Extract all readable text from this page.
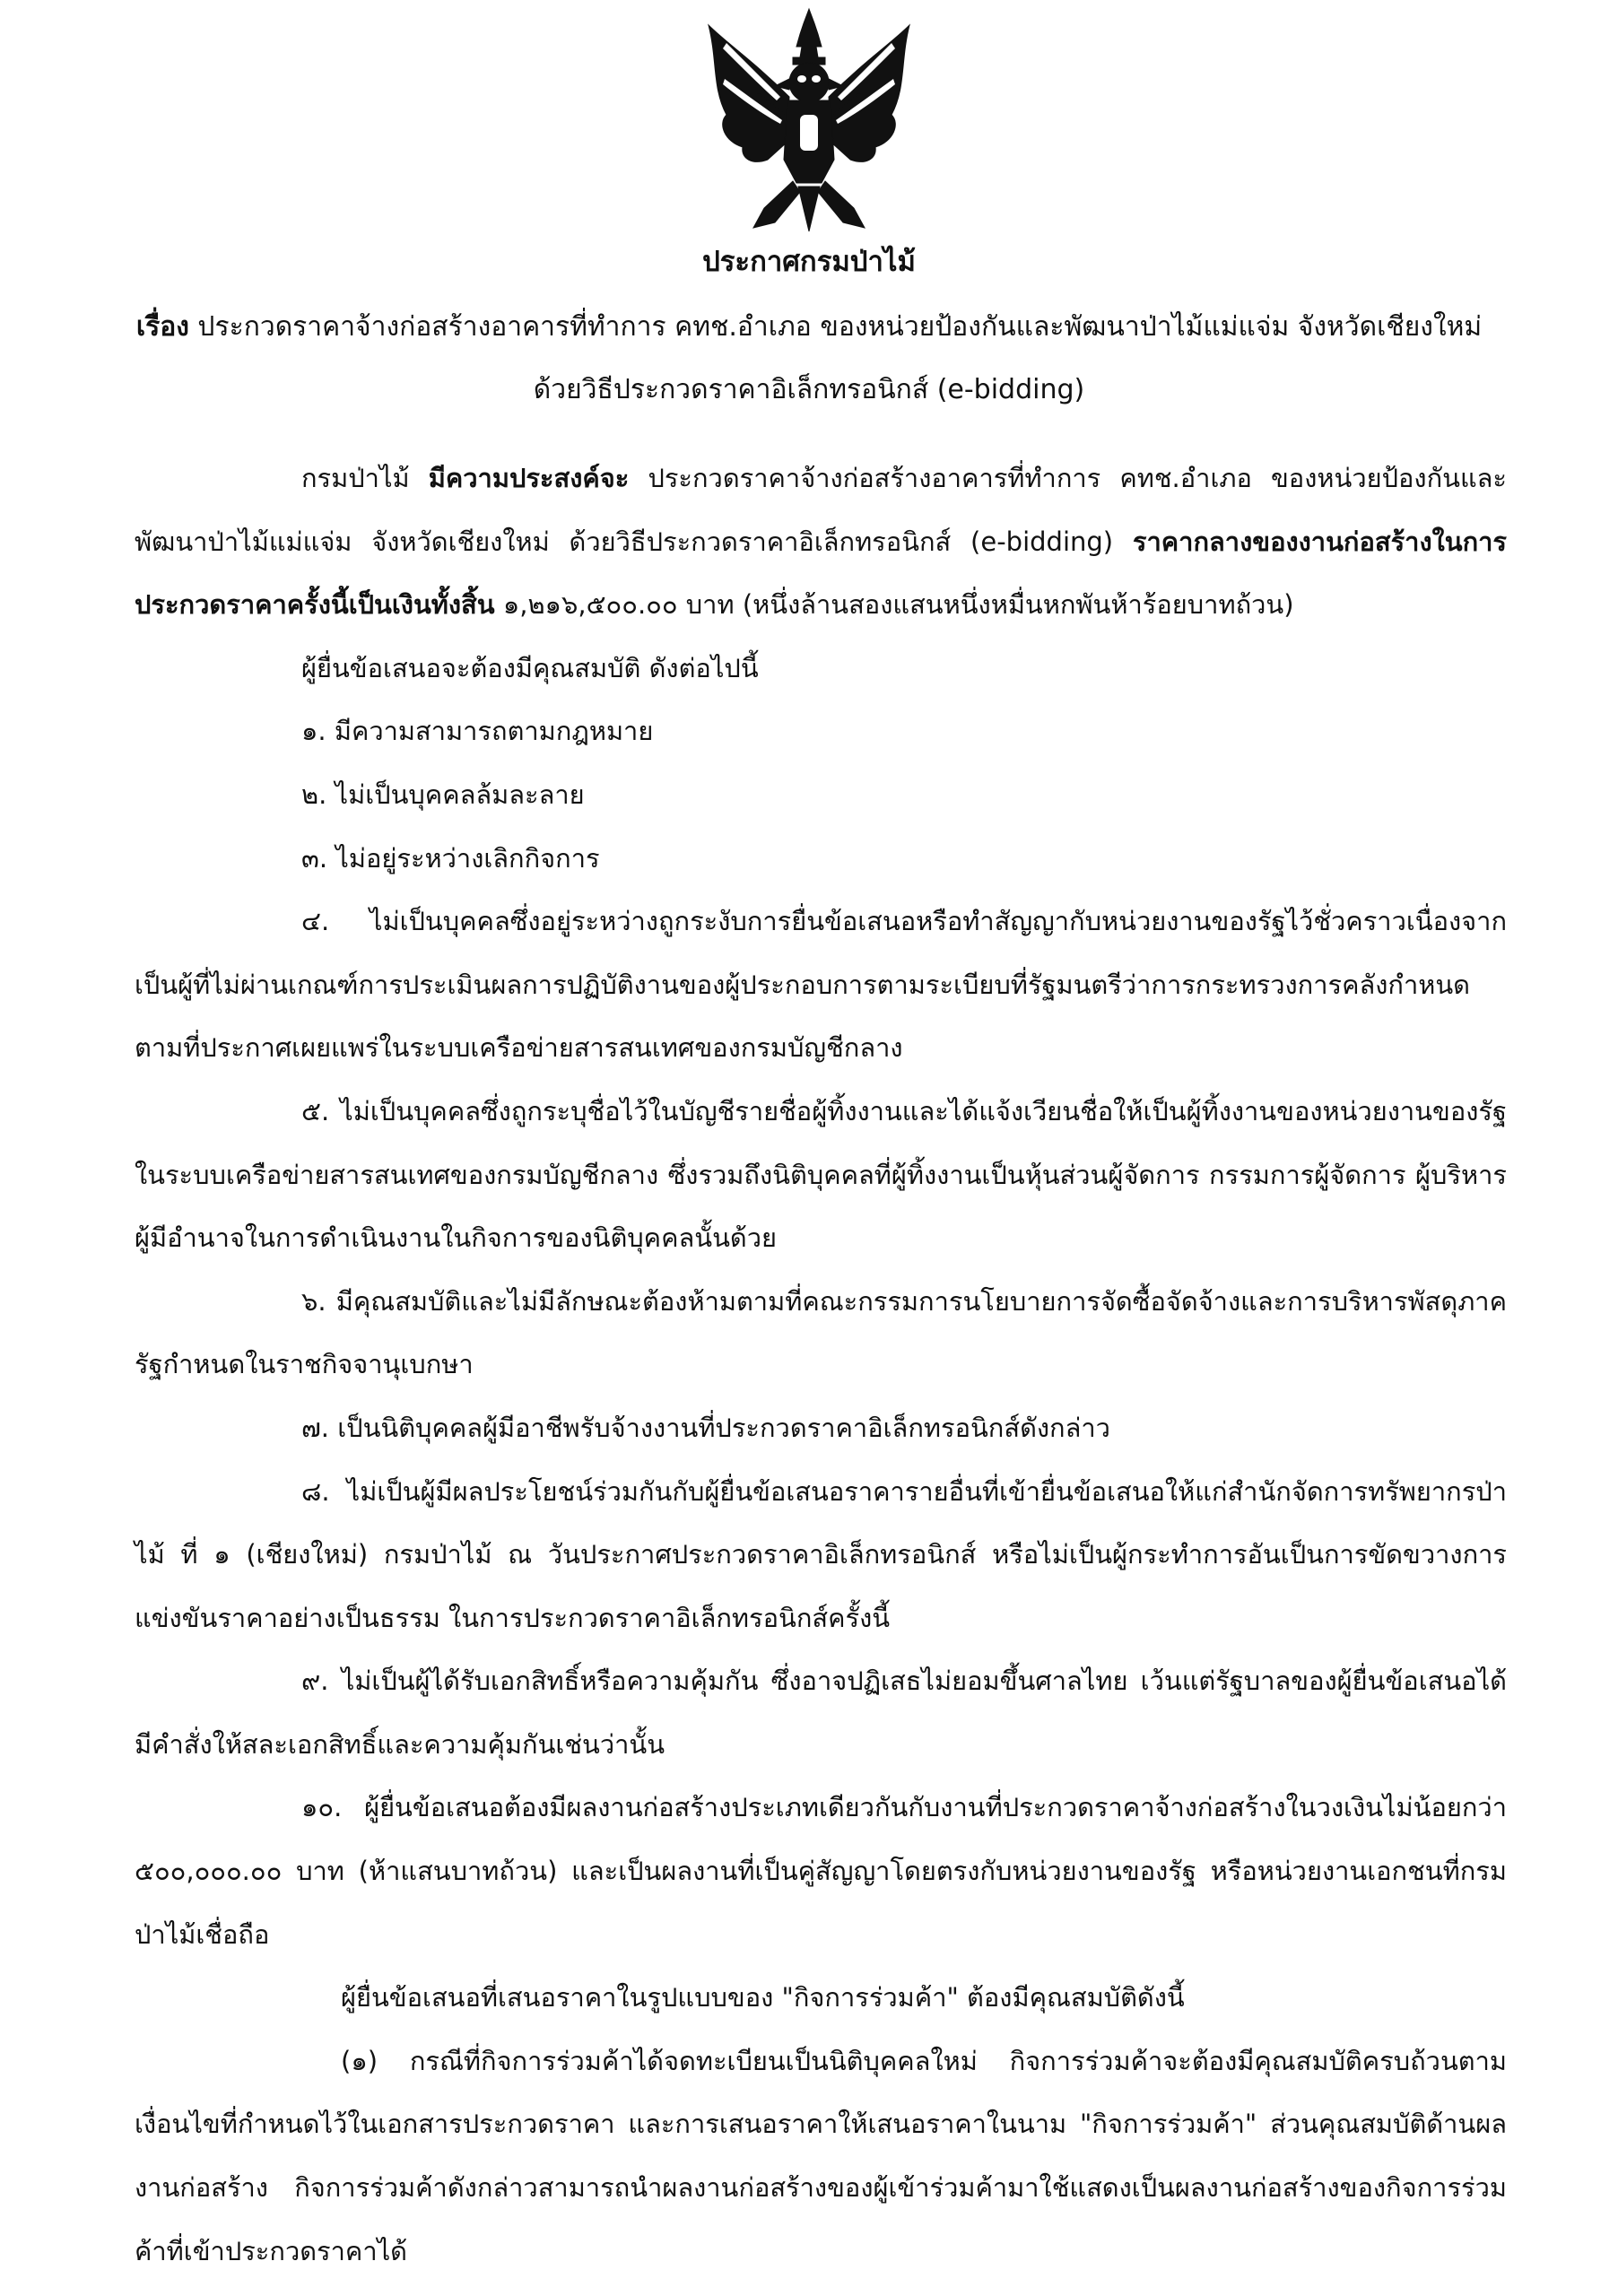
ประกาศกรมป่าไม้
เรื่อง ประกวดราคาจ้างก่อสร้างอาคารที่ทำการ คทช.อำเภอ ของหน่วยป้องกันและพัฒนาป่าไม้แม่แจ่ม จังหวัดเชียงใหม่ ด้วยวิธีประกวดราคาอิเล็กทรอนิกส์ (e-bidding)

กรมป่าไม้ มีความประสงค์จะ ประกวดราคาจ้างก่อสร้างอาคารที่ทำการ คทช.อำเภอ ของหน่วยป้องกันและพัฒนาป่าไม้แม่แจ่ม จังหวัดเชียงใหม่ ด้วยวิธีประกวดราคาอิเล็กทรอนิกส์ (e-bidding) ราคากลางของงานก่อสร้างในการประกวดราคาครั้งนี้เป็นเงินทั้งสิ้น ๑,๒๑๖,๕๐๐.๐๐ บาท (หนึ่งล้านสองแสนหนึ่งหมื่นหกพันห้าร้อยบาทถ้วน)

ผู้ยื่นข้อเสนอจะต้องมีคุณสมบัติ ดังต่อไปนี้

๑. มีความสามารถตามกฎหมาย

๒. ไม่เป็นบุคคลล้มละลาย

๓. ไม่อยู่ระหว่างเลิกกิจการ

๔. ไม่เป็นบุคคลซึ่งอยู่ระหว่างถูกระงับการยื่นข้อเสนอหรือทำสัญญากับหน่วยงานของรัฐไว้ชั่วคราวเนื่องจากเป็นผู้ที่ไม่ผ่านเกณฑ์การประเมินผลการปฏิบัติงานของผู้ประกอบการตามระเบียบที่รัฐมนตรีว่าการกระทรวงการคลังกำหนดตามที่ประกาศเผยแพร่ในระบบเครือข่ายสารสนเทศของกรมบัญชีกลาง

๕. ไม่เป็นบุคคลซึ่งถูกระบุชื่อไว้ในบัญชีรายชื่อผู้ทิ้งงานและได้แจ้งเวียนชื่อให้เป็นผู้ทิ้งงานของหน่วยงานของรัฐในระบบเครือข่ายสารสนเทศของกรมบัญชีกลาง ซึ่งรวมถึงนิติบุคคลที่ผู้ทิ้งงานเป็นหุ้นส่วนผู้จัดการ กรรมการผู้จัดการ ผู้บริหาร ผู้มีอำนาจในการดำเนินงานในกิจการของนิติบุคคลนั้นด้วย

๖. มีคุณสมบัติและไม่มีลักษณะต้องห้ามตามที่คณะกรรมการนโยบายการจัดซื้อจัดจ้างและการบริหารพัสดุภาครัฐกำหนดในราชกิจจานุเบกษา

๗. เป็นนิติบุคคลผู้มีอาชีพรับจ้างงานที่ประกวดราคาอิเล็กทรอนิกส์ดังกล่าว

๘. ไม่เป็นผู้มีผลประโยชน์ร่วมกันกับผู้ยื่นข้อเสนอราคารายอื่นที่เข้ายื่นข้อเสนอให้แก่สำนักจัดการทรัพยากรป่าไม้ ที่ ๑ (เชียงใหม่) กรมป่าไม้ ณ วันประกาศประกวดราคาอิเล็กทรอนิกส์ หรือไม่เป็นผู้กระทำการอันเป็นการขัดขวางการแข่งขันราคาอย่างเป็นธรรม ในการประกวดราคาอิเล็กทรอนิกส์ครั้งนี้

๙. ไม่เป็นผู้ได้รับเอกสิทธิ์หรือความคุ้มกัน ซึ่งอาจปฏิเสธไม่ยอมขึ้นศาลไทย เว้นแต่รัฐบาลของผู้ยื่นข้อเสนอได้มีคำสั่งให้สละเอกสิทธิ์และความคุ้มกันเช่นว่านั้น

๑๐. ผู้ยื่นข้อเสนอต้องมีผลงานก่อสร้างประเภทเดียวกันกับงานที่ประกวดราคาจ้างก่อสร้างในวงเงินไม่น้อยกว่า ๕๐๐,๐๐๐.๐๐ บาท (ห้าแสนบาทถ้วน) และเป็นผลงานที่เป็นคู่สัญญาโดยตรงกับหน่วยงานของรัฐ หรือหน่วยงานเอกชนที่กรมป่าไม้เชื่อถือ

ผู้ยื่นข้อเสนอที่เสนอราคาในรูปแบบของ "กิจการร่วมค้า" ต้องมีคุณสมบัติดังนี้

(๑) กรณีที่กิจการร่วมค้าได้จดทะเบียนเป็นนิติบุคคลใหม่ กิจการร่วมค้าจะต้องมีคุณสมบัติครบถ้วนตามเงื่อนไขที่กำหนดไว้ในเอกสารประกวดราคา และการเสนอราคาให้เสนอราคาในนาม "กิจการร่วมค้า" ส่วนคุณสมบัติด้านผลงานก่อสร้าง กิจการร่วมค้าดังกล่าวสามารถนำผลงานก่อสร้างของผู้เข้าร่วมค้ามาใช้แสดงเป็นผลงานก่อสร้างของกิจการร่วมค้าที่เข้าประกวดราคาได้
